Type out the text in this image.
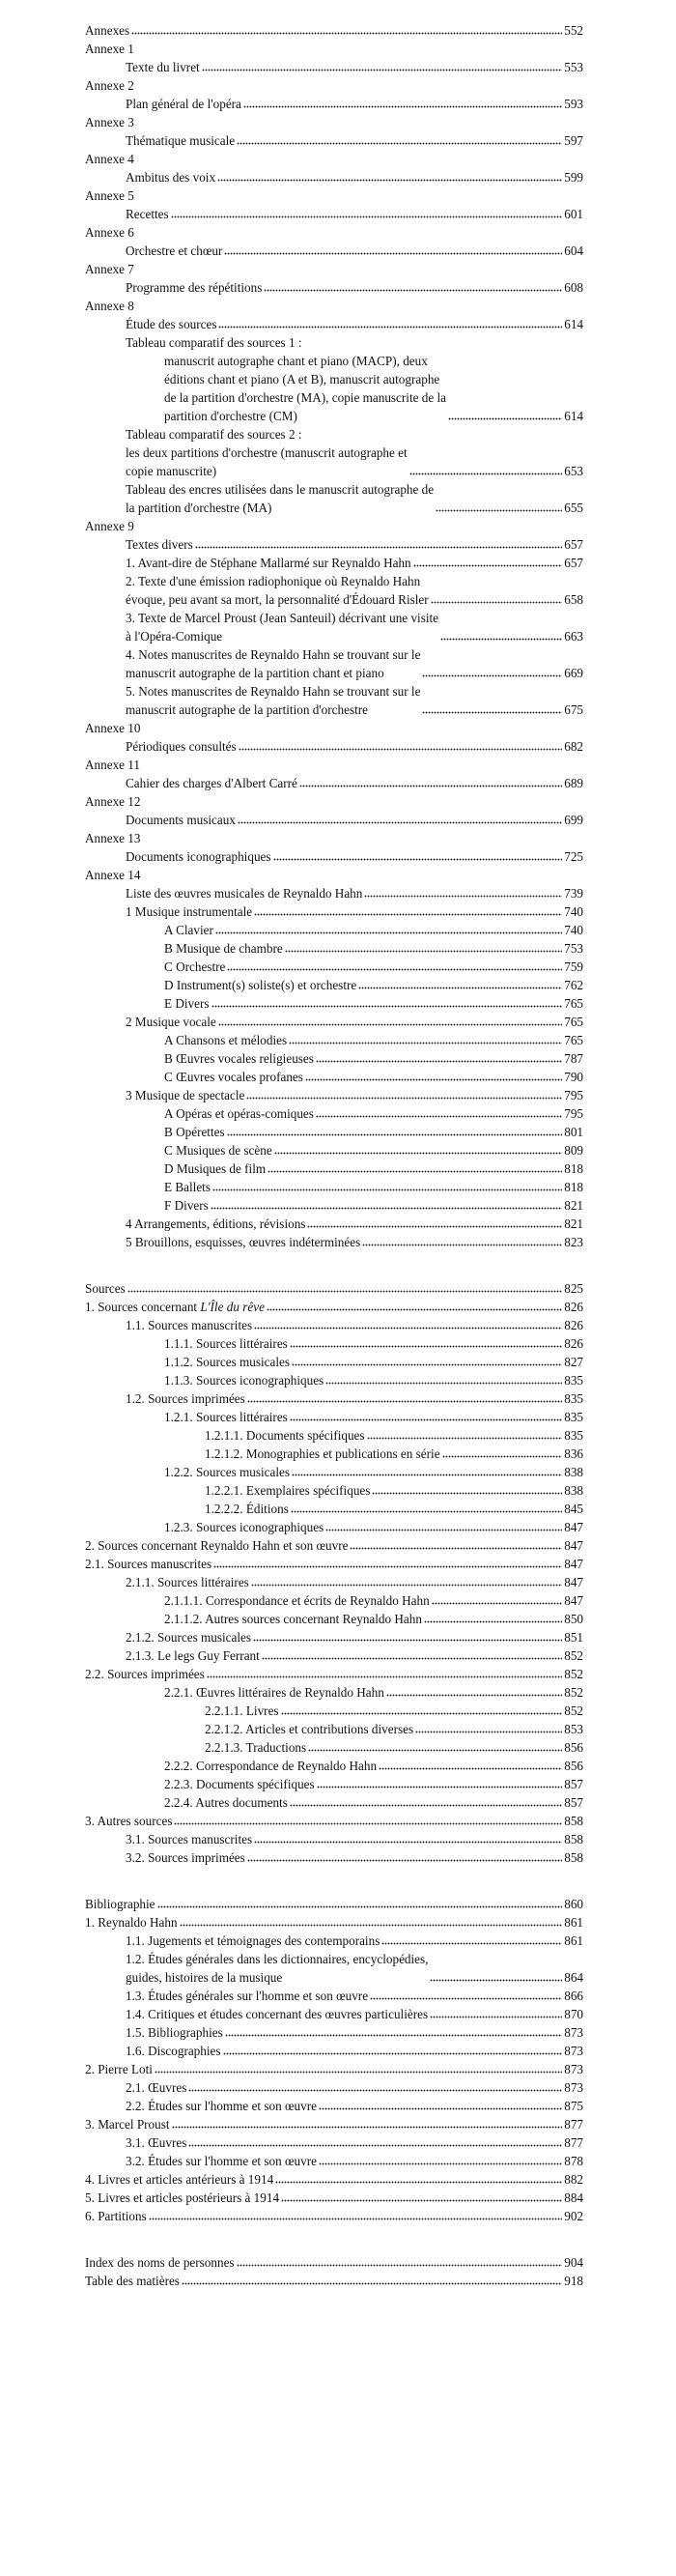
Annexes	552
Annexe 1
Texte du livret	553
Annexe 2
Plan général de l'opéra	593
Annexe 3
Thématique musicale	597
Annexe 4
Ambitus des voix	599
Annexe 5
Recettes	601
Annexe 6
Orchestre et chœur	604
Annexe 7
Programme des répétitions	608
Annexe 8
Étude des sources	614
Tableau comparatif des sources 1 :
manuscrit autographe chant et piano (MACP), deux
éditions chant et piano (A et B), manuscrit autographe
de la partition d'orchestre (MA), copie manuscrite de la
partition d'orchestre (CM)	614
Tableau comparatif des sources 2 :
les deux partitions d'orchestre (manuscrit autographe et
copie manuscrite)	653
Tableau des encres utilisées dans le manuscrit autographe de
la partition d'orchestre (MA)	655
Annexe 9
Textes divers	657
1. Avant-dire de Stéphane Mallarmé sur Reynaldo Hahn	657
2. Texte d'une émission radiophonique où Reynaldo Hahn
évoque, peu avant sa mort, la personnalité d'Édouard Risler	658
3. Texte de Marcel Proust (Jean Santeuil) décrivant une visite
à l'Opéra-Comique	663
4. Notes manuscrites de Reynaldo Hahn se trouvant sur le
manuscrit autographe de la partition chant et piano	669
5. Notes manuscrites de Reynaldo Hahn se trouvant sur le
manuscrit autographe de la partition d'orchestre	675
Annexe 10
Périodiques consultés	682
Annexe 11
Cahier des charges d'Albert Carré	689
Annexe 12
Documents musicaux	699
Annexe 13
Documents iconographiques	725
Annexe 14
Liste des œuvres musicales de Reynaldo Hahn	739
1 Musique instrumentale	740
A Clavier	740
B Musique de chambre	753
C Orchestre	759
D Instrument(s) soliste(s) et orchestre	762
E Divers	765
2 Musique vocale	765
A Chansons et mélodies	765
B Œuvres vocales religieuses	787
C Œuvres vocales profanes	790
3 Musique de spectacle	795
A Opéras et opéras-comiques	795
B Opérettes	801
C Musiques de scène	809
D Musiques de film	818
E Ballets	818
F Divers	821
4 Arrangements, éditions, révisions	821
5 Brouillons, esquisses, œuvres indéterminées	823
Sources	825
1. Sources concernant L'Île du rêve	826
1.1. Sources manuscrites	826
1.1.1. Sources littéraires	826
1.1.2. Sources musicales	827
1.1.3. Sources iconographiques	835
1.2. Sources imprimées	835
1.2.1. Sources littéraires	835
1.2.1.1. Documents spécifiques	835
1.2.1.2. Monographies et publications en série	836
1.2.2. Sources musicales	838
1.2.2.1. Exemplaires spécifiques	838
1.2.2.2. Éditions	845
1.2.3. Sources iconographiques	847
2. Sources concernant Reynaldo Hahn et son œuvre	847
2.1. Sources manuscrites	847
2.1.1. Sources littéraires	847
2.1.1.1. Correspondance et écrits de Reynaldo Hahn	847
2.1.1.2. Autres sources concernant Reynaldo Hahn	850
2.1.2. Sources musicales	851
2.1.3. Le legs Guy Ferrant	852
2.2. Sources imprimées	852
2.2.1. Œuvres littéraires de Reynaldo Hahn	852
2.2.1.1. Livres	852
2.2.1.2. Articles et contributions diverses	853
2.2.1.3. Traductions	856
2.2.2. Correspondance de Reynaldo Hahn	856
2.2.3. Documents spécifiques	857
2.2.4. Autres documents	857
3. Autres sources	858
3.1. Sources manuscrites	858
3.2. Sources imprimées	858
Bibliographie	860
1. Reynaldo Hahn	861
1.1. Jugements et témoignages des contemporains	861
1.2. Études générales dans les dictionnaires, encyclopédies,
guides, histoires de la musique	864
1.3. Études générales sur l'homme et son œuvre	866
1.4. Critiques et études concernant des œuvres particulières	870
1.5. Bibliographies	873
1.6. Discographies	873
2. Pierre Loti	873
2.1. Œuvres	873
2.2. Études sur l'homme et son œuvre	875
3. Marcel Proust	877
3.1. Œuvres	877
3.2. Études sur l'homme et son œuvre	878
4. Livres et articles antérieurs à 1914	882
5. Livres et articles postérieurs à 1914	884
6. Partitions	902
Index des noms de personnes	904
Table des matières	918
